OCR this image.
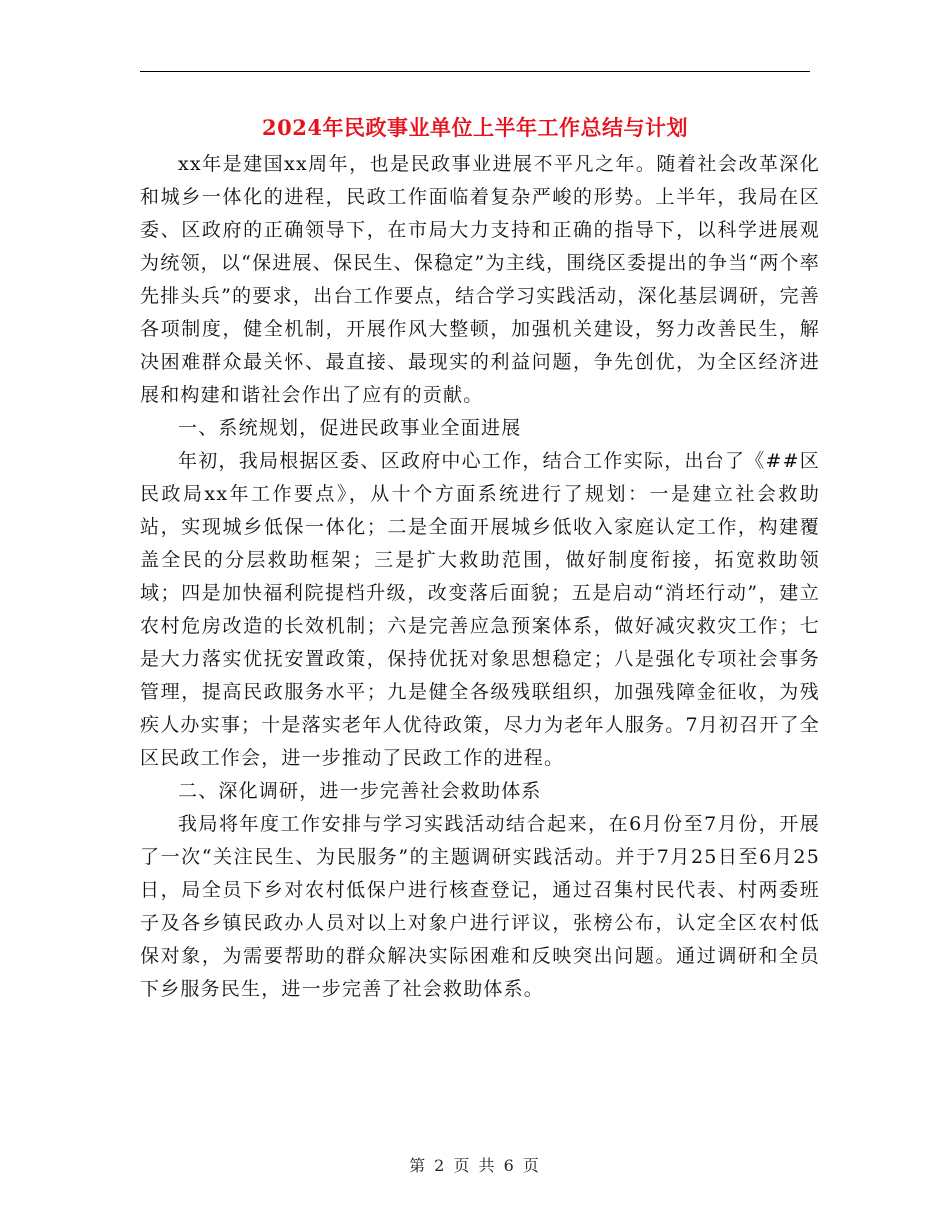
2024年民政事业单位上半年工作总结与计划

xx年是建国xx周年，也是民政事业进展不平凡之年。随着社会改革深化和城乡一体化的进程，民政工作面临着复杂严峻的形势。上半年，我局在区委、区政府的正确领导下，在市局大力支持和正确的指导下，以科学进展观为统领，以“保进展、保民生、保稳定”为主线，围绕区委提出的争当“两个率先排头兵”的要求，出台工作要点，结合学习实践活动，深化基层调研，完善各项制度，健全机制，开展作风大整顿，加强机关建设，努力改善民生，解决困难群众最关怀、最直接、最现实的利益问题，争先创优，为全区经济进展和构建和谐社会作出了应有的贡献。

一、系统规划，促进民政事业全面进展

年初，我局根据区委、区政府中心工作，结合工作实际，出台了《##区民政局xx年工作要点》，从十个方面系统进行了规划：一是建立社会救助站，实现城乡低保一体化；二是全面开展城乡低收入家庭认定工作，构建覆盖全民的分层救助框架；三是扩大救助范围，做好制度衔接，拓宽救助领域；四是加快福利院提档升级，改变落后面貌；五是启动“消坯行动”，建立农村危房改造的长效机制；六是完善应急预案体系，做好减灾救灾工作；七是大力落实优抚安置政策，保持优抚对象思想稳定；八是强化专项社会事务管理，提高民政服务水平；九是健全各级残联组织，加强残障金征收，为残疾人办实事；十是落实老年人优待政策，尽力为老年人服务。7月初召开了全区民政工作会，进一步推动了民政工作的进程。

二、深化调研，进一步完善社会救助体系

我局将年度工作安排与学习实践活动结合起来，在6月份至7月份，开展了一次“关注民生、为民服务”的主题调研实践活动。并于7月25日至6月25日，局全员下乡对农村低保户进行核查登记，通过召集村民代表、村两委班子及各乡镇民政办人员对以上对象户进行评议，张榜公布，认定全区农村低保对象，为需要帮助的群众解决实际困难和反映突出问题。通过调研和全员下乡服务民生，进一步完善了社会救助体系。

第 2 页 共 6 页
